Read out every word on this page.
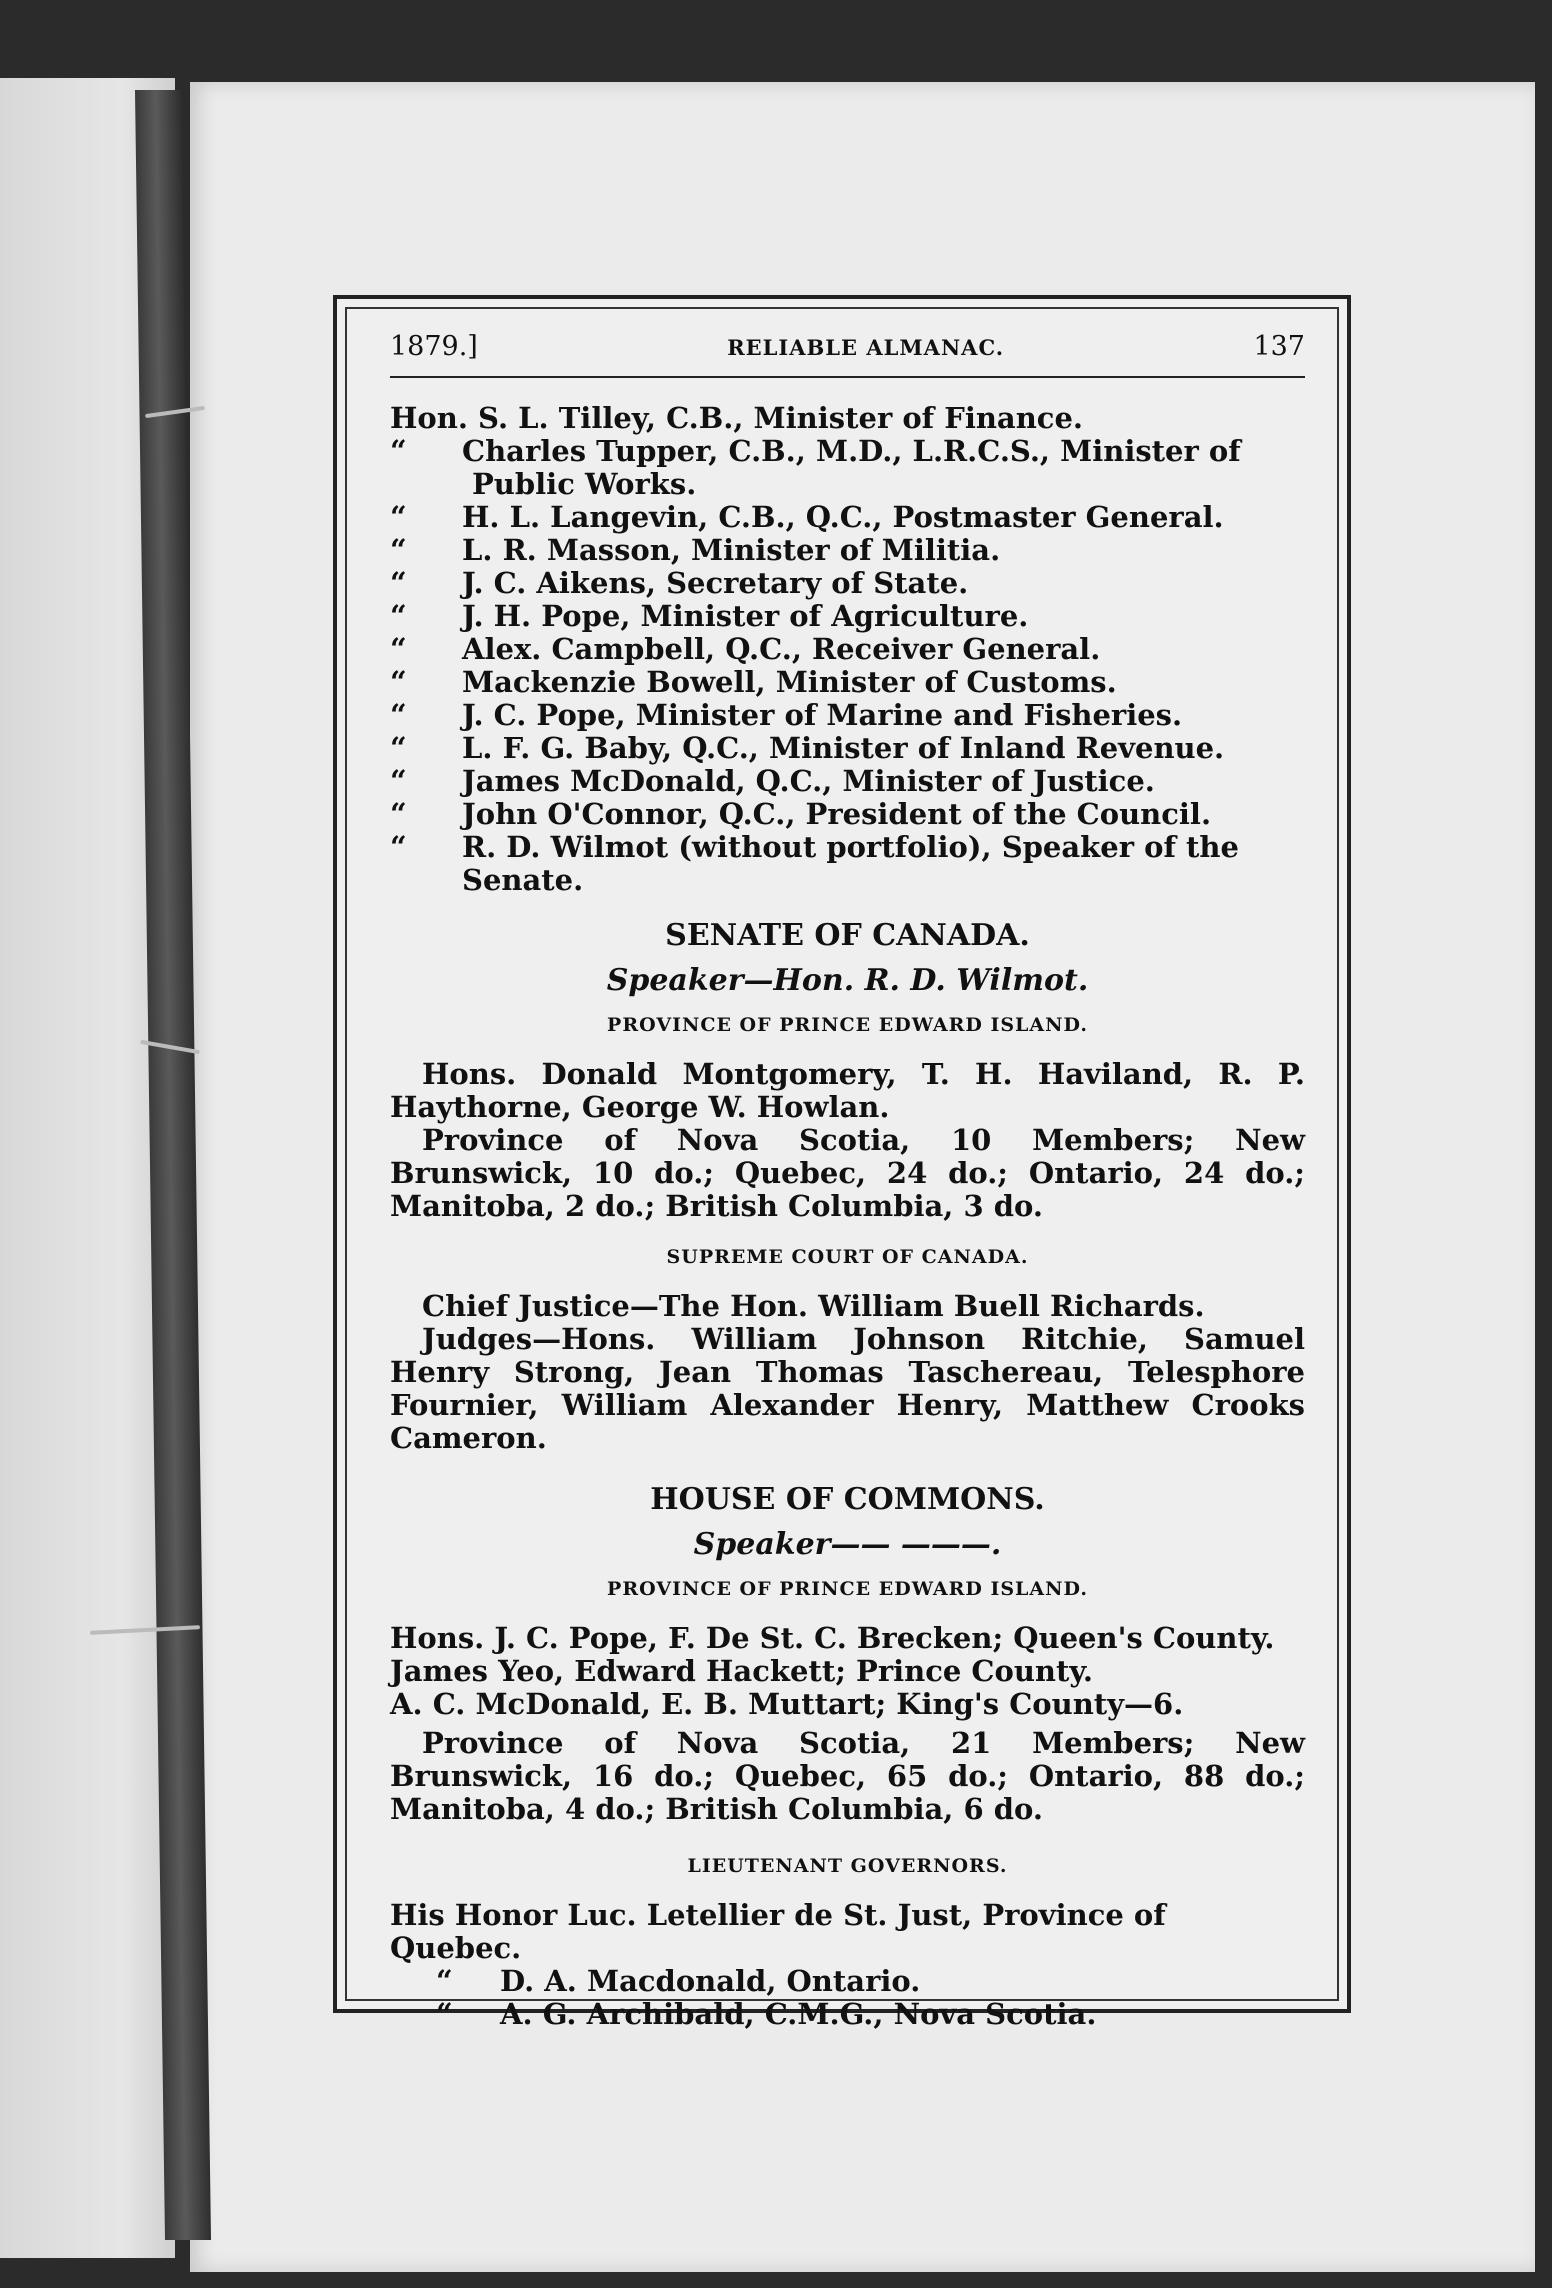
1879.]	RELIABLE ALMANAC.	137
Hon. S. L. Tilley, C.B., Minister of Finance.
“ Charles Tupper, C.B., M.D., L.R.C.S., Minister of
Public Works.
“ H. L. Langevin, C.B., Q.C., Postmaster General.
“ L. R. Masson, Minister of Militia.
“ J. C. Aikens, Secretary of State.
“ J. H. Pope, Minister of Agriculture.
“ Alex. Campbell, Q.C., Receiver General.
“ Mackenzie Bowell, Minister of Customs.
“ J. C. Pope, Minister of Marine and Fisheries.
“ L. F. G. Baby, Q.C., Minister of Inland Revenue.
“ James McDonald, Q.C., Minister of Justice.
“ John O'Connor, Q.C., President of the Council.
“ R. D. Wilmot (without portfolio), Speaker of the Senate.
SENATE OF CANADA.
Speaker—Hon. R. D. Wilmot.
PROVINCE OF PRINCE EDWARD ISLAND.

Hons. Donald Montgomery, T. H. Haviland, R. P. Haythorne, George W. Howlan.

Province of Nova Scotia, 10 Members; New Brunswick, 10 do.; Quebec, 24 do.; Ontario, 24 do.; Manitoba, 2 do.; British Columbia, 3 do.

SUPREME COURT OF CANADA.

Chief Justice—The Hon. William Buell Richards.

Judges—Hons. William Johnson Ritchie, Samuel Henry Strong, Jean Thomas Taschereau, Telesphore Fournier, William Alexander Henry, Matthew Crooks Cameron.

HOUSE OF COMMONS.
Speaker—— ———.
PROVINCE OF PRINCE EDWARD ISLAND.

Hons. J. C. Pope, F. De St. C. Brecken; Queen's County.

James Yeo, Edward Hackett; Prince County.

A. C. McDonald, E. B. Muttart; King's County—6.

Province of Nova Scotia, 21 Members; New Brunswick, 16 do.; Quebec, 65 do.; Ontario, 88 do.; Manitoba, 4 do.; British Columbia, 6 do.

LIEUTENANT GOVERNORS.
His Honor Luc. Letellier de St. Just, Province of Quebec.
“ D. A. Macdonald, Ontario.
“ A. G. Archibald, C.M.G., Nova Scotia.
